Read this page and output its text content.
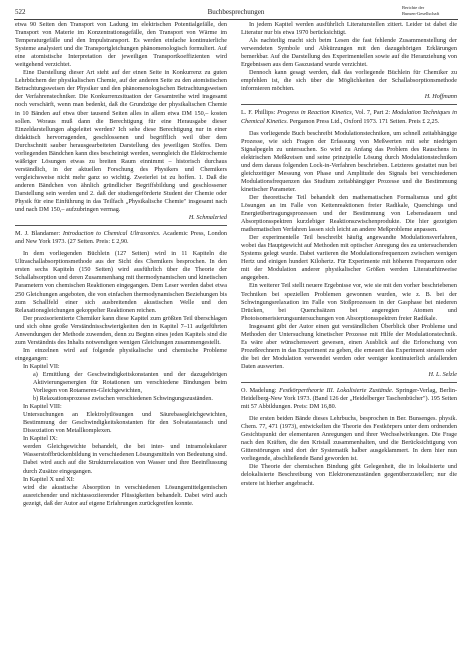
522	Buchbesprechungen
Berichte der
Bunsen-Gesellschaft

etwa 90 Seiten den Transport von Ladung im elektrischen Potentialgefälle, den Transport von Materie im Konzentrationsgefälle, den Transport von Wärme im Temperaturgefälle und den Impulstransport. Es werden einfache kontinuierliche Systeme analysiert und die Transportgleichungen phänomenologisch formuliert. Auf eine atomistische Interpretation der jeweiligen Transportkoeffizienten wird weitgehend verzichtet.

Eine Darstellung dieser Art steht auf der einen Seite in Konkurrenz zu guten Lehrbüchern der physikalischen Chemie, auf der anderen Seite zu den atomistischen Betrachtungsweisen der Physiker und den phänomenologischen Betrachtungsweisen der Verfahrenstechniker. Die Konkurrenzsituation der Gesamtreihe wird insgesamt noch verschärft, wenn man bedenkt, daß die Grundzüge der physikalischen Chemie in 10 Bänden auf etwa über tausend Seiten alles in allem etwa DM 150,– kosten sollen. Woraus muß dann die Berechtigung für eine Herausgabe dieser Einzeldarstellungen abgeleitet werden? Ich sehe diese Berechtigung nur in einer didaktisch hervorragenden, geschlossenen und begrifflich weil über dem Durchschnitt sauber herausgearbeiteten Darstellung des jeweiligen Stoffes. Dem vorliegenden Bändchen kann dies bescheinigt werden, wenngleich die Elektrochemie wäßriger Lösungen etwas zu breiten Raum einnimmt – historisch durchaus verständlich, in der aktuellen Forschung des Physikers und Chemikers vergleichsweise nicht mehr ganz so wichtig. Zweierlei ist zu hoffen. 1. Daß die anderen Bändchen von ähnlich gründlicher Begriffsbildung und geschlossener Darstellung sein werden und 2. daß der studiengeförderte Student der Chemie oder Physik für eine Einführung in das Teilfach „Physikalische Chemie" insgesamt nach und nach DM 150,– aufzubringen vermag.

H. Schmalzried

M. J. Blandamer: Introduction to Chemical Ultrasonics. Academic Press, London and New York 1973. (27 Seiten. Preis: £ 2,90.

In dem vorliegenden Büchlein (127 Seiten) wird in 11 Kapiteln die Ultraschallabsorptionsmethode aus der Sicht des Chemikers besprochen. In den ersten sechs Kapiteln (150 Seiten) wird ausführlich über die Theorie der Schallabsorption und deren Zusammenhang mit thermodynamischen und kinetischen Parametern von chemischen Reaktionen eingegangen. Dem Leser werden dabei etwa 250 Gleichungen angeboten, die von einfachen thermodynamischen Beziehungen bis zum Schallfeld einer sich ausbreitenden akustischen Welle und den Relaxationsgleichungen gekoppelter Reaktionen reichen.

Der praxisorientierte Chemiker kann diese Kapitel zum größten Teil überschlagen und sich ohne große Verständnisschwierigkeiten den in Kapitel 7–11 aufgeführten Anwendungen der Methode zuwenden, denn zu Beginn eines jeden Kapitels sind die zum Verständnis des Inhalts notwendigen wenigen Gleichungen zusammengestellt.

Im einzelnen wird auf folgende physikalische und chemische Probleme eingegangen:

In Kapitel VII:

a) Ermittlung der Geschwindigkeitskonstanten und der dazugehörigen Aktivierungsenergien für Rotationen um verschiedene Bindungen beim Vorliegen von Rotameren-Gleichgewichten,

b) Relaxationsprozesse zwischen verschiedenen Schwingungszuständen.

In Kapitel VIII:

Untersuchungen an Elektrolytlösungen und Säurebasegleichgewichten, Bestimmung der Geschwindigkeitskonstanten für den Solvataustausch und Dissoziation von Metallkomplexen.

In Kapitel IX:

werden Gleichgewichte behandelt, die bei inter- und intramolekularer Wasserstoffbrückenbildung in verschiedenen Lösungsmitteln von Bedeutung sind. Dabei wird auch auf die Strukturrelaxation von Wasser und ihre Beeinflussung durch Zusätze eingegangen.

In Kapitel X und XI:

wird die akustische Absorption in verschiedenen Lösungsmittelgemischen ausreichender und nichtassoziierender Flüssigkeiten behandelt. Dabei wird auch gezeigt, daß der Autor auf eigene Erfahrungen zurückgreifen konnte.

In jedem Kapitel werden ausführlich Literaturstellen zitiert. Leider ist dabei die Literatur nur bis etwa 1970 berücksichtigt.

Als nachteilig macht sich beim Lesen die fast fehlende Zusammenstellung der verwendeten Symbole und Abkürzungen mit den dazugehörigen Erklärungen bemerkbar. Auf die Darstellung des Experimentellen sowie auf die Heranziehung von Ergebnissen aus dem Gaszustand wurde verzichtet.

Dennoch kann gesagt werden, daß das vorliegende Büchlein für Chemiker zu empfehlen ist, die sich über die Möglichkeiten der Schallabsorptionsmethode informieren möchten.

H. Hoffmann

L. F. Phillips: Progress in Reaction Kinetics, Vol. 7, Part 2: Modulation Techniques in Chemical Kinetics. Pergamon Press Ltd., Oxford 1973. 171 Seiten. Preis £ 2,25.

Das vorliegende Buch beschreibt Modulationstechniken, um schnell zeitabhängige Prozesse, wie sich Fragen der Erfassung von Meßwerten mit sehr niedrigen Signalpegeln zu untersuchen. So wird zu Anfang das Problem des Rauschens in elektrischen Meßkreisen und seine prinzipielle Lösung durch Modulationstechniken und dem daraus folgenden Lock-in-Verfahren beschrieben. Letzteres gestattet nun bei gleichzeitiger Messung von Phase und Amplitude des Signals bei verschiedenen Modulationsfrequenzen das Studium zeitabhängiger Prozesse und die Bestimmung kinetischer Parameter.

Der theoretische Teil behandelt den mathematischen Formalismus und gibt Lösungen an im Falle von Kettenreaktionen freier Radikale, Quenchings und Energieübertragungsprozessen und der Bestimmung von Lebensdauern und Absorptionsspektren kurzlebiger Reaktionszwischenprodukte. Die hier gezeigten mathematischen Verfahren lassen sich leicht an andere Meßprobleme anpassen.

Der experimentelle Teil beschreibt häufig angewandte Modulationsverfahren, wobei das Hauptgewicht auf Methoden mit optischer Anregung des zu untersuchenden Systems gelegt wurde. Dabei variieren die Modulationsfrequenzen zwischen wenigen Hertz und einigen hundert Kilohertz. Für Experimente mit höheren Frequenzen oder mit der Modulation anderer physikalischer Größen werden Literaturhinweise angegeben.

Ein weiterer Teil stellt neuere Ergebnisse vor, wie sie mit den vorher beschriebenen Techniken bei speziellen Problemen gewonnen wurden, wie z. B. bei der Schwingungsrelaxation im Falle von Stoßprozessen in der Gasphase bei niederen Drücken, bei Quenchsätzen bei angeregten Atomen und Photoisomerisierungsuntersuchungen von Absorptionsspektren freier Radikale.

Insgesamt gibt der Autor einen gut verständlichen Überblick über Probleme und Methoden der Untersuchung kinetischer Prozesse mit Hilfe der Modulationstechnik. Es wäre aber wünschenswert gewesen, einen Ausblick auf die Erforschung von Prozeßrechnern in das Experiment zu geben, die erneuert das Experiment steuern oder die bei der Modulation verwendet werden oder weniger kontinuierlich anfallenden Daten auswerten.

H. L. Selzle

O. Madelung: Festkörpertheorie III. Lokalisierte Zustände. Springer-Verlag, Berlin-Heidelberg-New York 1973. (Band 126 der „Heidelberger Taschenbücher"). 195 Seiten mit 57 Abbildungen. Preis: DM 16,80.

Die ersten beiden Bände dieses Lehrbuchs, besprochen in Ber. Bunsenges. physik. Chem. 77, 471 (1973), entwickelten die Theorie des Festkörpers unter dem ordnenden Gesichtspunkt der elementaren Anregungen und ihrer Wechselwirkungen. Die Frage nach den Kräften, die den Kristall zusammenhalten, und die Berücksichtigung von Gitterstörungen sind dort der Systematik halber ausgeklammert. In dem hier nun vorliegende, abschließende Band geworden ist.

Die Theorie der chemischen Bindung gibt Gelegenheit, die in lokalisierte und delokalisierte Beschreibung von Elektronenzuständen gegenüberzustellen; nur die erstere ist hierher angebracht.
